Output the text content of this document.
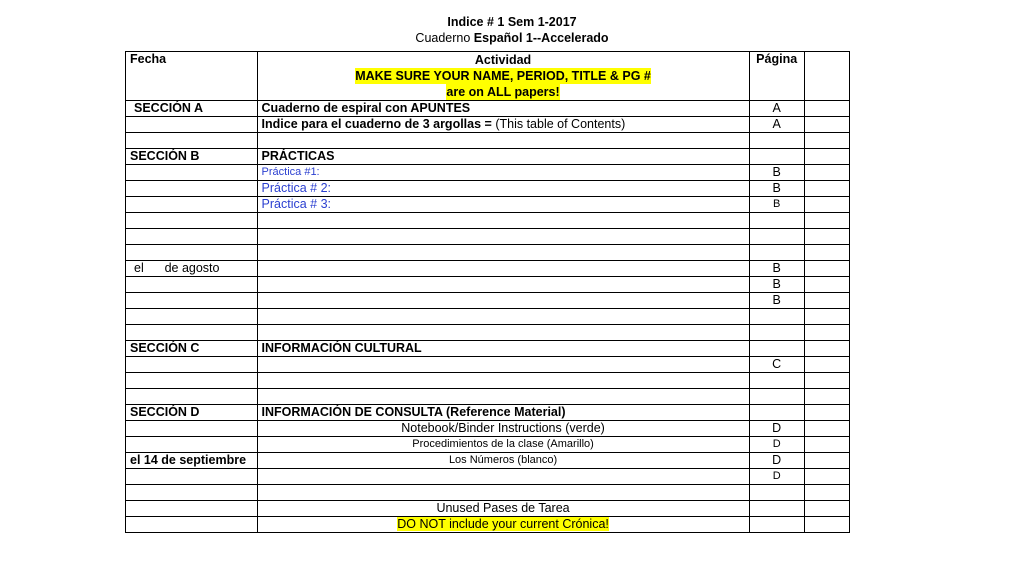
Indice # 1 Sem 1-2017
Cuaderno Español 1--Accelerado
Fecha	Actividad
MAKE SURE YOUR NAME, PERIOD, TITLE & PG #
are on ALL papers!	Página	
SECCIÓN A	Cuaderno de espiral con APUNTES	A	
	Indice para el cuaderno de 3 argollas = (This table of Contents)	A	

SECCIÓN B	PRÁCTICAS		
	Práctica #1:	B	
	Práctica # 2:	B	
	Práctica # 3:	B	

el      de agosto		B	
		B	
		B	

SECCIÓN C	INFORMACIÓN CULTURAL		
		C	

SECCIÓN D	INFORMACIÓN DE CONSULTA (Reference Material)		
	Notebook/Binder Instructions (verde)	D	
	Procedimientos de la clase (Amarillo)	D	
el 14 de septiembre	Los Números (blanco)	D	
		D	

	Unused Pases de Tarea		
	DO NOT include your current Crónica!		
